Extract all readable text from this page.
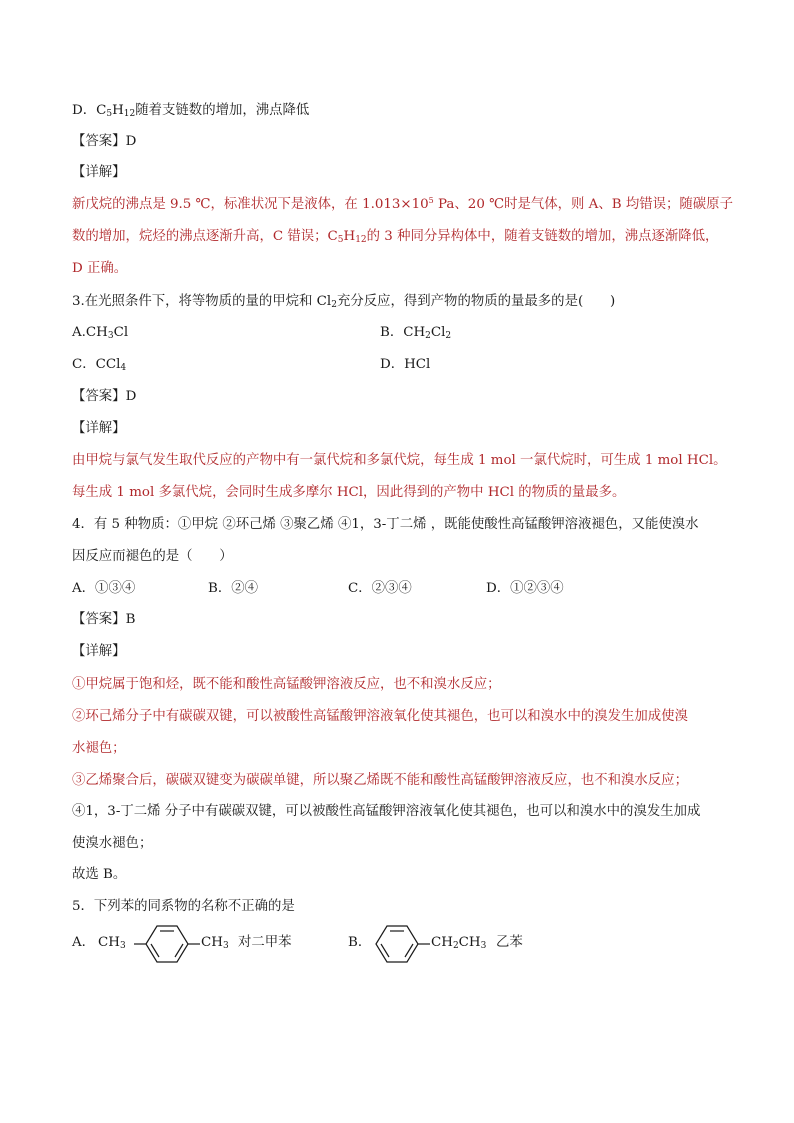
D．$C_5H_{12}$随着支链数的增加，沸点降低
【答案】D
【详解】
新戊烷的沸点是 9.5 ℃，标准状况下是液体，在 $1.013\times 10^5$ Pa、20 ℃时是气体，则 A、B 均错误；随碳原子
数的增加，烷烃的沸点逐渐升高，C 错误；$C_5H_{12}$的 3 种同分异构体中，随着支链数的增加，沸点逐渐降低，
D 正确。
3.在光照条件下，将等物质的量的甲烷和 $Cl_2$充分反应，得到产物的物质的量最多的是(　　)
$A.CH_3Cl$	B．$CH_2Cl_2$
C．CCl$_4$	D．HCl
【答案】D
【详解】
由甲烷与氯气发生取代反应的产物中有一氯代烷和多氯代烷，每生成 1 mol 一氯代烷时，可生成 1 mol HCl。
每生成 1 mol 多氯代烷，会同时生成多摩尔 HCl，因此得到的产物中 HCl 的物质的量最多。
4．有 5 种物质：①甲烷 ②环己烯 ③聚乙烯 ④1，3-丁二烯 ，既能使酸性高锰酸钾溶液褪色，又能使溴水
因反应而褪色的是（　　）
A．①③④	B．②④	C．②③④	D．①②③④
【答案】B
【详解】
①甲烷属于饱和烃，既不能和酸性高锰酸钾溶液反应，也不和溴水反应；
②环己烯分子中有碳碳双键，可以被酸性高锰酸钾溶液氧化使其褪色，也可以和溴水中的溴发生加成使溴
水褪色；
③乙烯聚合后，碳碳双键变为碳碳单键，所以聚乙烯既不能和酸性高锰酸钾溶液反应，也不和溴水反应；
④1，3-丁二烯 分子中有碳碳双键，可以被酸性高锰酸钾溶液氧化使其褪色，也可以和溴水中的溴发生加成
使溴水褪色；
故选 B。
5．下列苯的同系物的名称不正确的是
A． $CH_3$	$CH_3$ 对二甲苯	B．	$CH_2CH_3$ 乙苯
